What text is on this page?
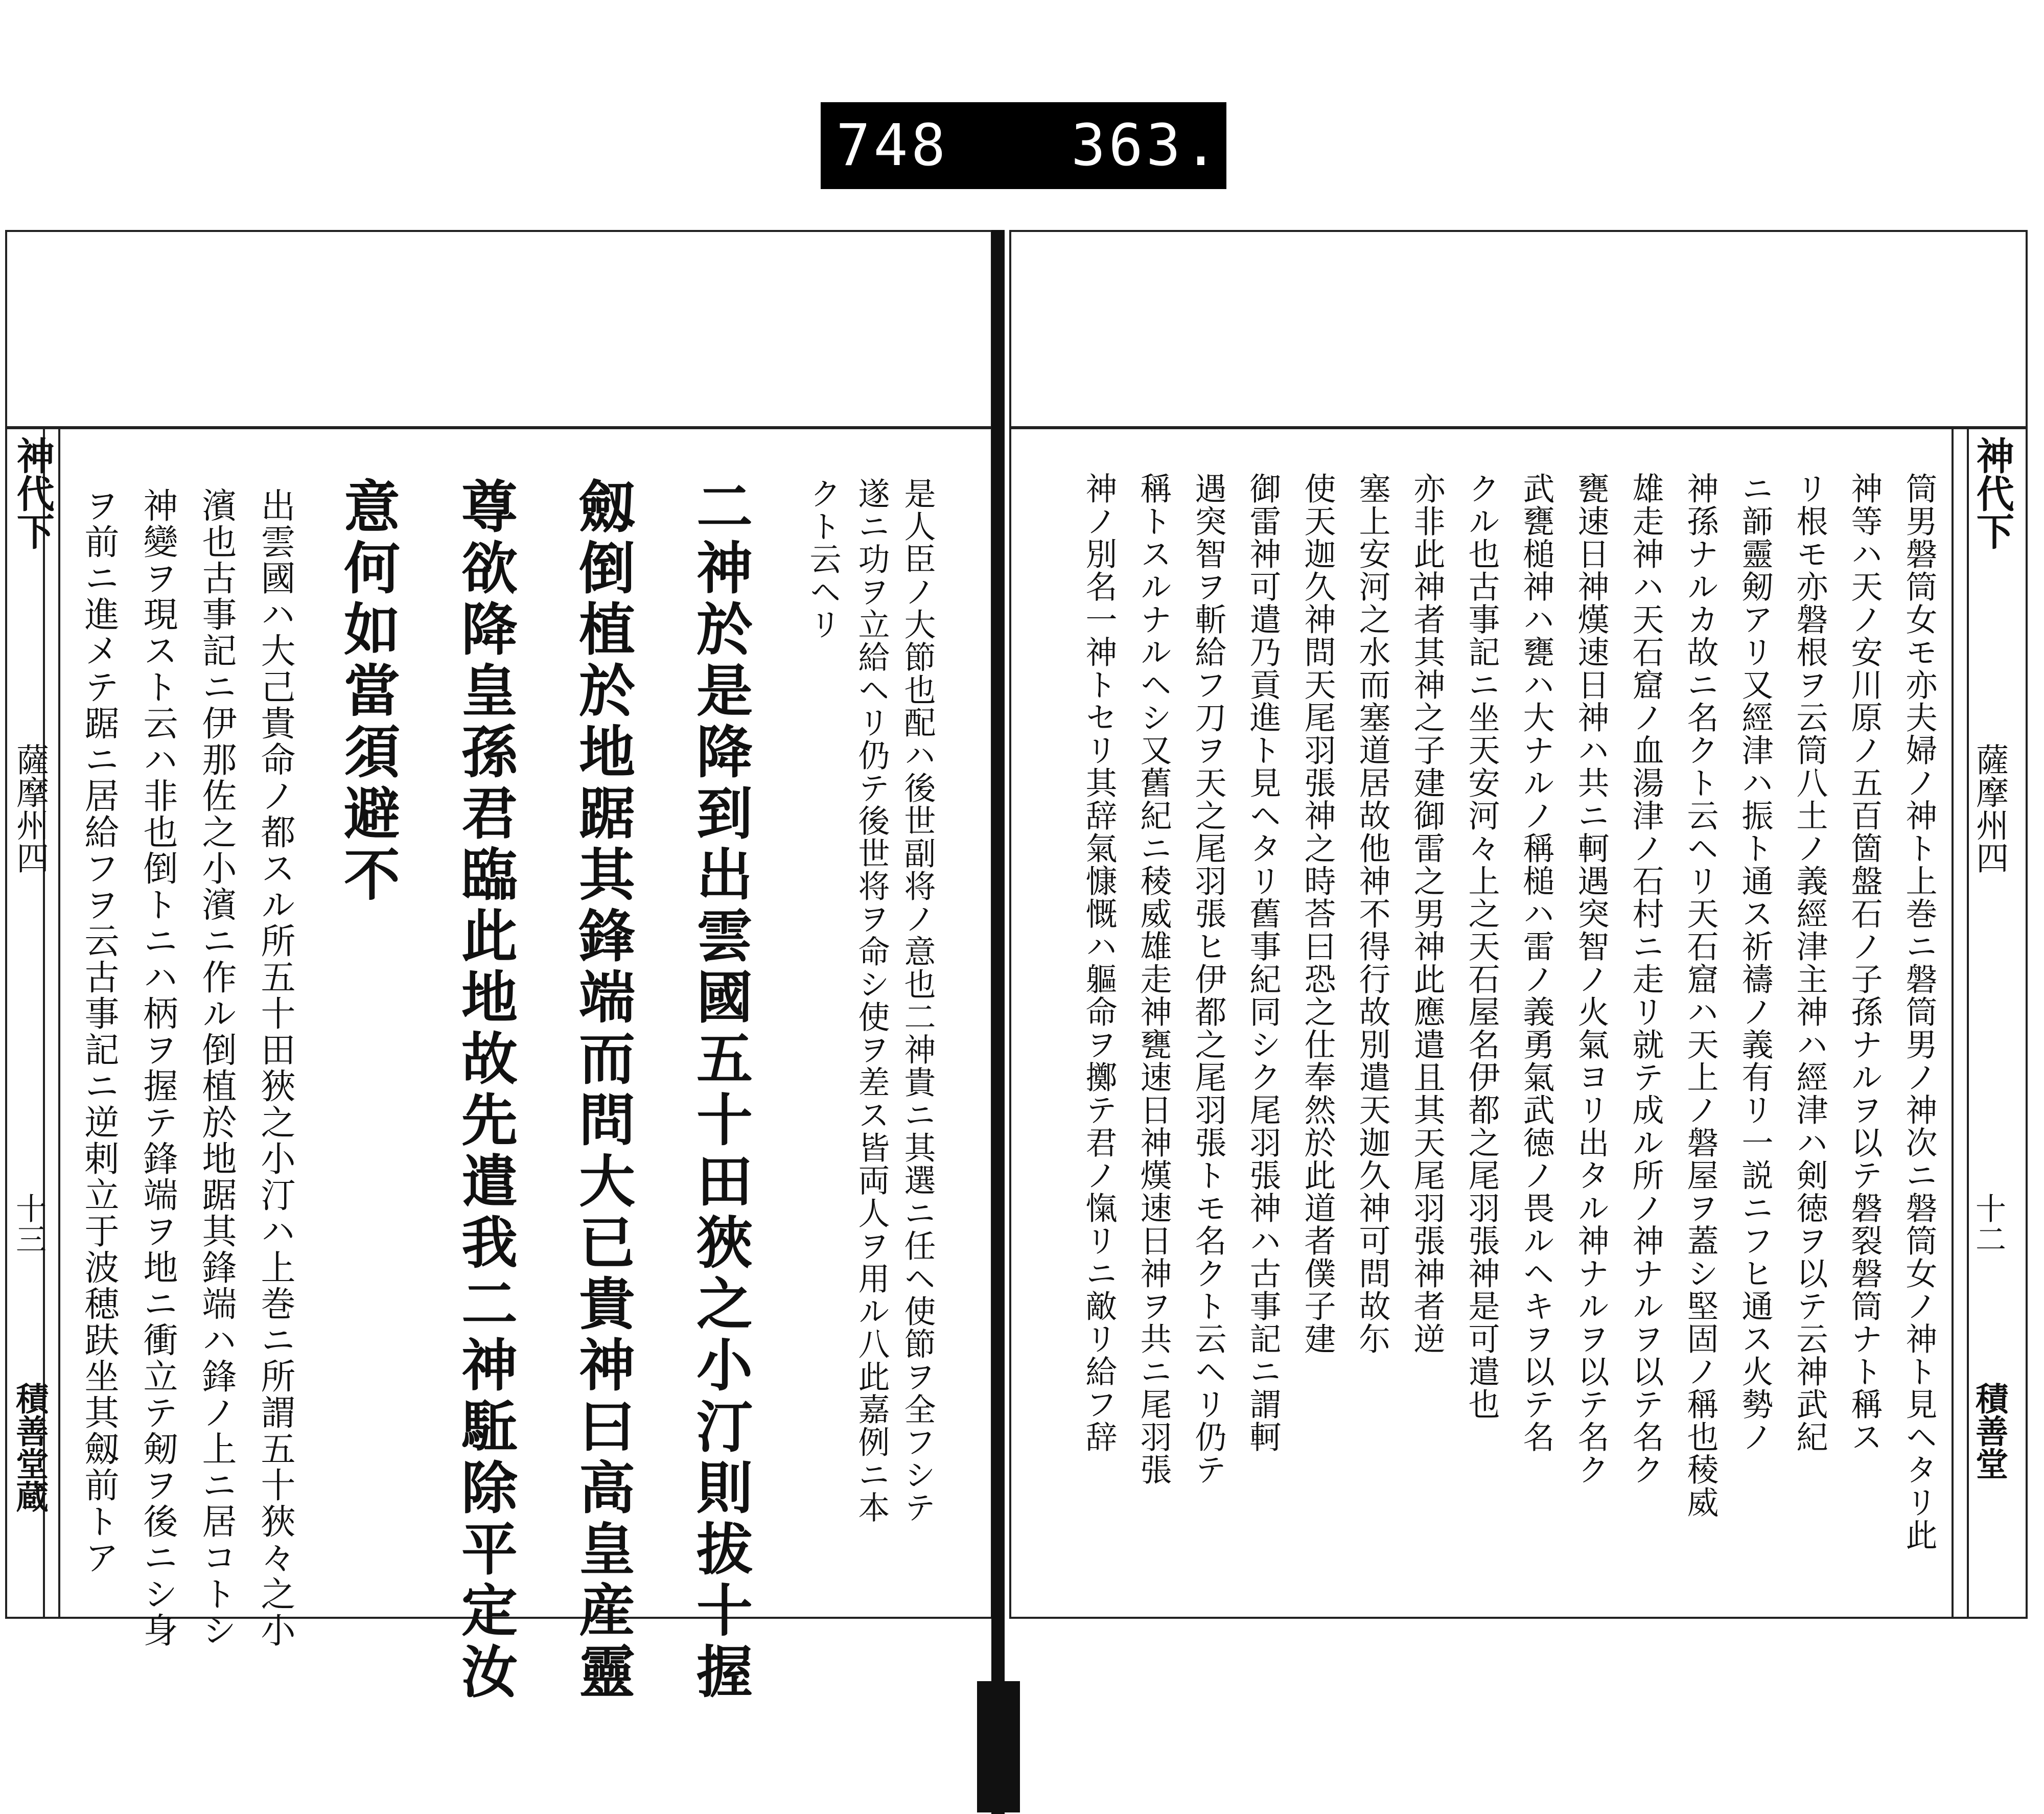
748 363.
神代下
薩摩州四
十三
積善堂蔵	是人臣ノ大節也配ハ後世副将ノ意也二神貴ニ其選ニ任ヘ使節ヲ全フシテ
遂ニ功ヲ立給ヘリ仍テ後世将ヲ命シ使ヲ差ス皆両人ヲ用ル八此嘉例ニ本
クト云ヘリ
二神於是降到出雲國五十田狹之小汀則拔十握
劔倒植於地踞其鋒端而問大已貴神曰高皇産靈
尊欲降皇孫君臨此地故先遣我二神駈除平定汝
意何如當須避不
出雲國ハ大己貴命ノ都スル所五十田狹之小汀ハ上巻ニ所謂五十狹々之小
濱也古事記ニ伊那佐之小濱ニ作ル倒植於地踞其鋒端ハ鋒ノ上ニ居コトシ
神變ヲ現スト云ハ非也倒トニハ柄ヲ握テ鋒端ヲ地ニ衝立テ剱ヲ後ニシ身
ヲ前ニ進メテ踞ニ居給フヲ云古事記ニ逆剌立于波穂趺坐其劔前トア	神代下
薩摩州四
十二
積善堂
筒男磐筒女モ亦夫婦ノ神ト上巻ニ磐筒男ノ神次ニ磐筒女ノ神ト見ヘタリ此
神等ハ天ノ安川原ノ五百箇盤石ノ子孫ナルヲ以テ磐裂磐筒ナト稱ス
リ根モ亦磐根ヲ云筒八土ノ義經津主神ハ經津ハ剣徳ヲ以テ云神武紀
ニ韴靈剱アリ又經津ハ振ト通ス祈禱ノ義有リ一説ニフヒ通ス火勢ノ
神孫ナルカ故ニ名クト云ヘリ天石窟ハ天上ノ磐屋ヲ蓋シ堅固ノ稱也稜威
雄走神ハ天石窟ノ血湯津ノ石村ニ走リ就テ成ル所ノ神ナルヲ以テ名ク
甕速日神熯速日神ハ共ニ軻遇突智ノ火氣ヨリ出タル神ナルヲ以テ名ク
武甕槌神ハ甕ハ大ナルノ稱槌ハ雷ノ義勇氣武徳ノ畏ルヘキヲ以テ名
クル也古事記ニ坐天安河々上之天石屋名伊都之尾羽張神是可遣也
亦非此神者其神之子建御雷之男神此應遣且其天尾羽張神者逆
塞上安河之水而塞道居故他神不得行故別遣天迦久神可問故尓
使天迦久神問天尾羽張神之時荅曰恐之仕奉然於此道者僕子建
御雷神可遣乃貢進ト見ヘタリ舊事紀同シク尾羽張神ハ古事記ニ謂軻
遇突智ヲ斬給フ刀ヲ天之尾羽張ヒ伊都之尾羽張トモ名クト云ヘリ仍テ
稱トスルナルヘシ又舊紀ニ稜威雄走神甕速日神熯速日神ヲ共ニ尾羽張
神ノ別名一神トセリ其辞氣慷慨ハ軀命ヲ擲テ君ノ愾リニ敵リ給フ辞
